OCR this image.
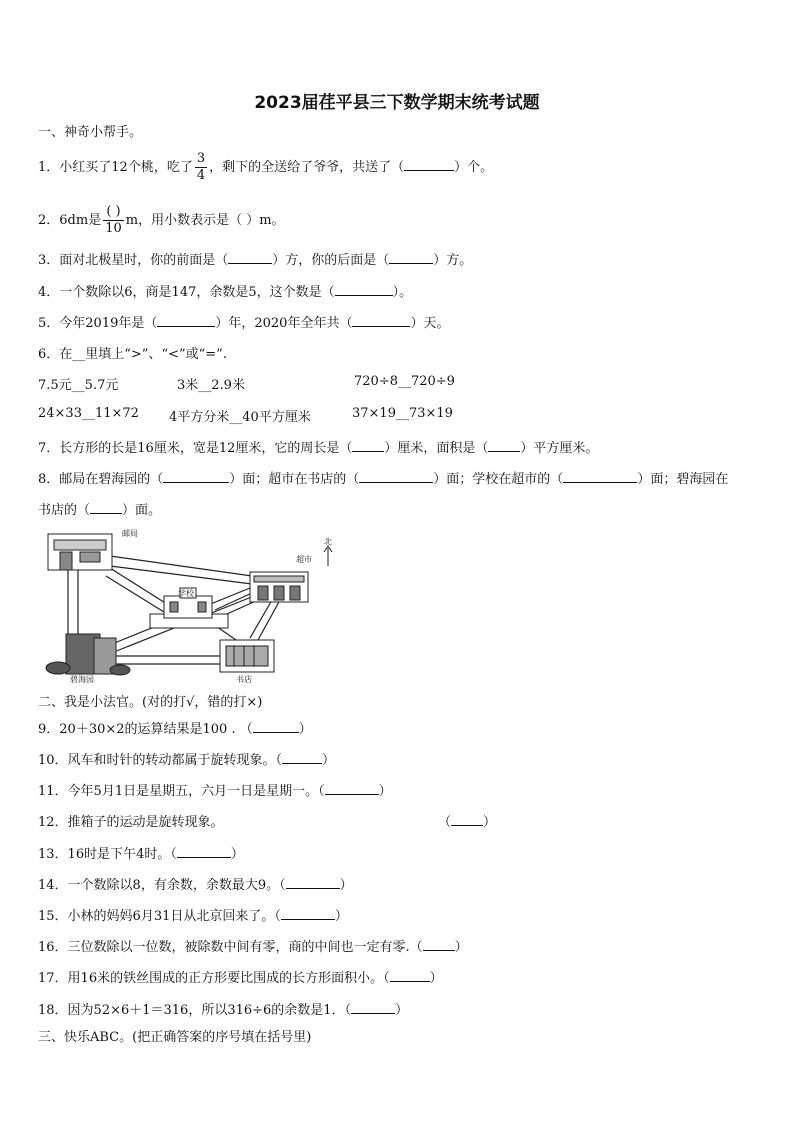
2023届荏平县三下数学期末统考试题
一、神奇小帮手。
1．小红买了12个桃，吃了 $\frac{3}{4}$ ，剩下的全送给了爷爷，共送了（	）个。
2．6dm是 $\frac{( )}{10}$ m，用小数表示是（ ）m。
3．面对北极星时，你的前面是（	）方，你的后面是（	）方。
4．一个数除以6，商是147，余数是5，这个数是（	）。
5．今年2019年是（	）年，2020年全年共（	）天。
6．在__里填上“>”、“<”或“=”.
7.5元__5.7元	3米__2.9米	720÷8__720÷9
24×33__11×72 4平方分米__40平方厘米	37×19__73×19
7．长方形的长是16厘米，宽是12厘米，它的周长是（ ）厘米，面积是（ ）平方厘米。
8．邮局在碧海园的（	）面；超市在书店的（	）面；学校在超市的（	）面；碧海园在
书店的（ ）面。
北
邮局
超市
学校
碧海园	书店
二、我是小法官。(对的打√，错的打×)
9．20＋30×2的运算结果是100 . （	）
10．风车和时针的转动都属于旋转现象。（	）
11．今年5月1日是星期五，六月一日是星期一。（	）
12．推箱子的运动是旋转现象。	（ ）
13．16时是下午4时。（	）
14．一个数除以8，有余数，余数最大9。（	）
15．小林的妈妈6月31日从北京回来了。（	）
16．三位数除以一位数，被除数中间有零，商的中间也一定有零.（ ）
17．用16米的铁丝围成的正方形要比围成的长方形面积小。（	）
18．因为52×6＋1＝316，所以316÷6的余数是1．（	）
三、快乐ABC。(把正确答案的序号填在括号里)
